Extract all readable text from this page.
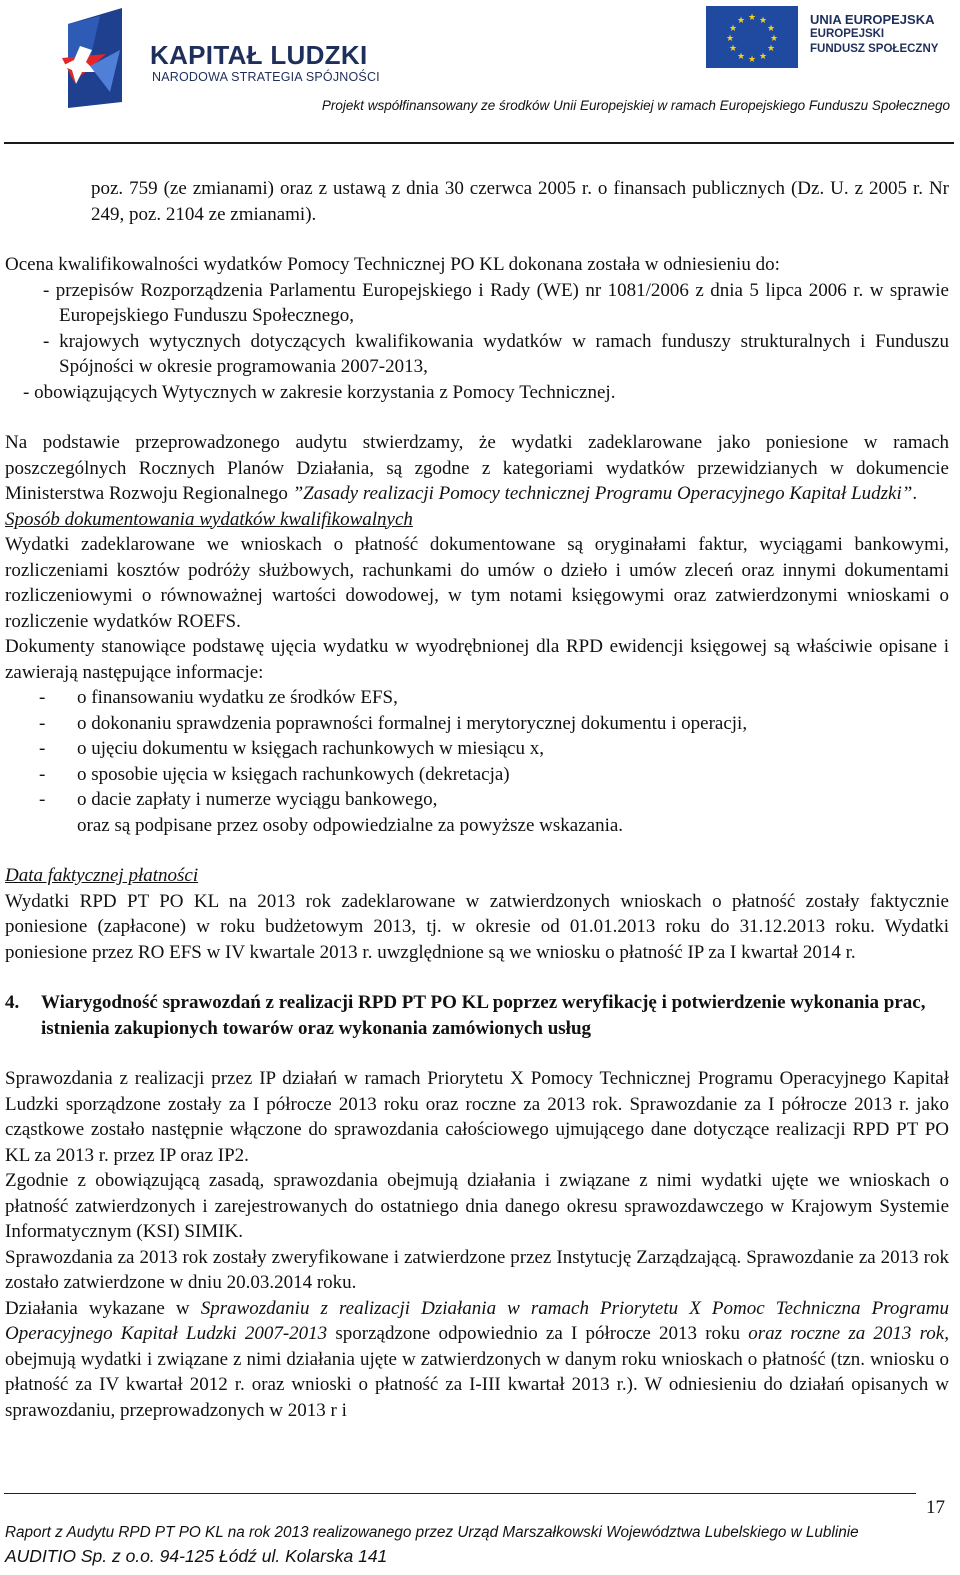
KAPITAŁ LUDZKI
NARODOWA STRATEGIA SPÓJNOŚCI
★ ★
★
★
★
★
★
★
★
★
★
★	UNIA EUROPEJSKA
EUROPEJSKI
FUNDUSZ SPOŁECZNY
Projekt współfinansowany ze środków Unii Europejskiej w ramach Europejskiego Funduszu Społecznego

poz. 759 (ze zmianami) oraz z ustawą z dnia 30 czerwca 2005 r. o finansach publicznych (Dz. U. z 2005 r. Nr 249, poz. 2104 ze zmianami).

Ocena kwalifikowalności wydatków Pomocy Technicznej PO KL dokonana została w odniesieniu do:

- przepisów Rozporządzenia Parlamentu Europejskiego i Rady (WE) nr 1081/2006 z dnia 5 lipca 2006 r. w sprawie Europejskiego Funduszu Społecznego,

- krajowych wytycznych dotyczących kwalifikowania wydatków w ramach funduszy strukturalnych i Funduszu Spójności w okresie programowania 2007-2013,

- obowiązujących Wytycznych w zakresie korzystania z Pomocy Technicznej.

Na podstawie przeprowadzonego audytu stwierdzamy, że wydatki zadeklarowane jako poniesione w ramach poszczególnych Rocznych Planów Działania, są zgodne z kategoriami wydatków przewidzianych w dokumencie Ministerstwa Rozwoju Regionalnego ”Zasady realizacji Pomocy technicznej Programu Operacyjnego Kapitał Ludzki”.

Sposób dokumentowania wydatków kwalifikowalnych

Wydatki zadeklarowane we wnioskach o płatność dokumentowane są oryginałami faktur, wyciągami bankowymi, rozliczeniami kosztów podróży służbowych, rachunkami do umów o dzieło i umów zleceń oraz innymi dokumentami rozliczeniowymi o równoważnej wartości dowodowej, w tym notami księgowymi oraz zatwierdzonymi wnioskami o rozliczenie wydatków ROEFS.

Dokumenty stanowiące podstawę ujęcia wydatku w wyodrębnionej dla RPD ewidencji księgowej są właściwie opisane i zawierają następujące informacje:

-	o finansowaniu wydatku ze środków EFS,
-	o dokonaniu sprawdzenia poprawności formalnej i merytorycznej dokumentu i operacji,
-	o ujęciu dokumentu w księgach rachunkowych w miesiącu x,
-	o sposobie ujęcia w księgach rachunkowych (dekretacja)
-	o dacie zapłaty i numerze wyciągu bankowego,
oraz są podpisane przez osoby odpowiedzialne za powyższe wskazania.

Data faktycznej płatności

Wydatki RPD PT PO KL na 2013 rok zadeklarowane w zatwierdzonych wnioskach o płatność zostały faktycznie poniesione (zapłacone) w roku budżetowym 2013, tj. w okresie od 01.01.2013 roku do 31.12.2013 roku. Wydatki poniesione przez RO EFS w IV kwartale 2013 r. uwzględnione są we wniosku o płatność IP za I kwartał 2014 r.

4.	Wiarygodność sprawozdań z realizacji RPD PT PO KL poprzez weryfikację i potwierdzenie wykonania prac, istnienia zakupionych towarów oraz wykonania zamówionych usług

Sprawozdania z realizacji przez IP działań w ramach Priorytetu X Pomocy Technicznej Programu Operacyjnego Kapitał Ludzki sporządzone zostały za I półrocze 2013 roku oraz roczne za 2013 rok. Sprawozdanie za I półrocze 2013 r. jako cząstkowe zostało następnie włączone do sprawozdania całościowego ujmującego dane dotyczące realizacji RPD PT PO KL za 2013 r. przez IP oraz IP2.

Zgodnie z obowiązującą zasadą, sprawozdania obejmują działania i związane z nimi wydatki ujęte we wnioskach o płatność zatwierdzonych i zarejestrowanych do ostatniego dnia danego okresu sprawozdawczego w Krajowym Systemie Informatycznym (KSI) SIMIK.

Sprawozdania za 2013 rok zostały zweryfikowane i zatwierdzone przez Instytucję Zarządzającą. Sprawozdanie za 2013 rok zostało zatwierdzone w dniu 20.03.2014 roku.

Działania wykazane w Sprawozdaniu z realizacji Działania w ramach Priorytetu X Pomoc Techniczna Programu Operacyjnego Kapitał Ludzki 2007-2013 sporządzone odpowiednio za I półrocze 2013 roku oraz roczne za 2013 rok, obejmują wydatki i związane z nimi działania ujęte w zatwierdzonych w danym roku wnioskach o płatność (tzn. wniosku o płatność za IV kwartał 2012 r. oraz wnioski o płatność za I-III kwartał 2013 r.). W odniesieniu do działań opisanych w sprawozdaniu, przeprowadzonych w 2013 r i

17
Raport z Audytu RPD PT PO KL na rok 2013 realizowanego przez Urząd Marszałkowski Województwa Lubelskiego w Lublinie
AUDITIO Sp. z o.o. 94-125 Łódź ul. Kolarska 141
